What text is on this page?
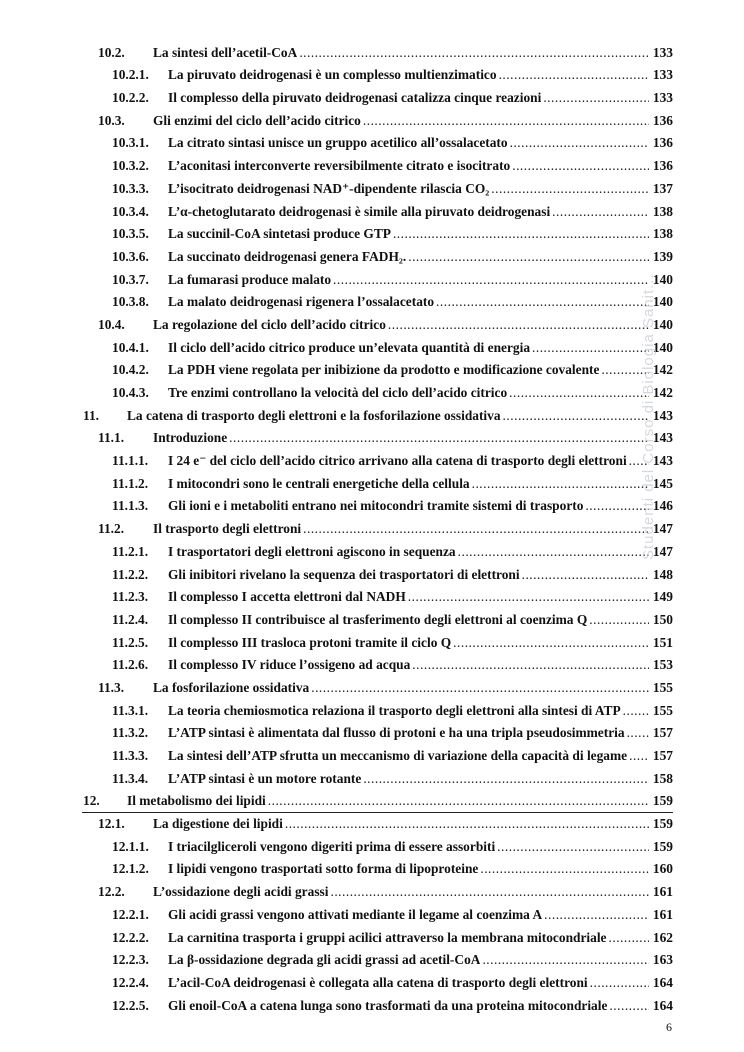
10.2. La sintesi dell’acetil-CoA .....	133
10.2.1. La piruvato deidrogenasi è un complesso multienzimatico .....	133
10.2.2. Il complesso della piruvato deidrogenasi catalizza cinque reazioni .....	133
10.3. Gli enzimi del ciclo dell’acido citrico .....	136
10.3.1. La citrato sintasi unisce un gruppo acetilico all’ossalacetato .....	136
10.3.2. L’aconitasi interconverte reversibilmente citrato e isocitrato .....	136
10.3.3. L’isocitrato deidrogenasi NAD⁺-dipendente rilascia CO₂ .....	137
10.3.4. L’α-chetoglutarato deidrogenasi è simile alla piruvato deidrogenasi .....	138
10.3.5. La succinil-CoA sintetasi produce GTP .....	138
10.3.6. La succinato deidrogenasi genera FADH₂. .....	139
10.3.7. La fumarasi produce malato .....	140
10.3.8. La malato deidrogenasi rigenera l’ossalacetato .....	140
10.4. La regolazione del ciclo dell’acido citrico .....	140
10.4.1. Il ciclo dell’acido citrico produce un’elevata quantità di energia .....	140
10.4.2. La PDH viene regolata per inibizione da prodotto e modificazione covalente .....	142
10.4.3. Tre enzimi controllano la velocità del ciclo dell’acido citrico .....	142
11. La catena di trasporto degli elettroni e la fosforilazione ossidativa .....	143
11.1. Introduzione .....	143
11.1.1. I 24 e⁻ del ciclo dell’acido citrico arrivano alla catena di trasporto degli elettroni ..... 143
11.1.2. I mitocondri sono le centrali energetiche della cellula .....	145
11.1.3. Gli ioni e i metaboliti entrano nei mitocondri tramite sistemi di trasporto .....	146
11.2. Il trasporto degli elettroni .....	147
11.2.1. I trasportatori degli elettroni agiscono in sequenza .....	147
11.2.2. Gli inibitori rivelano la sequenza dei trasportatori di elettroni .....	148
11.2.3. Il complesso I accetta elettroni dal NADH .....	149
11.2.4. Il complesso II contribuisce al trasferimento degli elettroni al coenzima Q .....	150
11.2.5. Il complesso III trasloca protoni tramite il ciclo Q .....	151
11.2.6. Il complesso IV riduce l’ossigeno ad acqua .....	153
11.3. La fosforilazione ossidativa .....	155
11.3.1. La teoria chemiosmotica relaziona il trasporto degli elettroni alla sintesi di ATP ..... 155
11.3.2. L’ATP sintasi è alimentata dal flusso di protoni e ha una tripla pseudosimmetria ..... 157
11.3.3. La sintesi dell’ATP sfrutta un meccanismo di variazione della capacità di legame ..... 157
11.3.4. L’ATP sintasi è un motore rotante .....	158
12. Il metabolismo dei lipidi .....	159
12.1. La digestione dei lipidi .....	159
12.1.1. I triacilgliceroli vengono digeriti prima di essere assorbiti .....	159
12.1.2. I lipidi vengono trasportati sotto forma di lipoproteine .....	160
12.2. L’ossidazione degli acidi grassi .....	161
12.2.1. Gli acidi grassi vengono attivati mediante il legame al coenzima A .....	161
12.2.2. La carnitina trasporta i gruppi acilici attraverso la membrana mitocondriale .....	162
12.2.3. La β-ossidazione degrada gli acidi grassi ad acetil-CoA .....	163
12.2.4. L’acil-CoA deidrogenasi è collegata alla catena di trasporto degli elettroni .....	164
12.2.5. Gli enoil-CoA a catena lunga sono trasformati da una proteina mitocondriale .....	164
Studenti del Corso di Biologia Sanit...
6
